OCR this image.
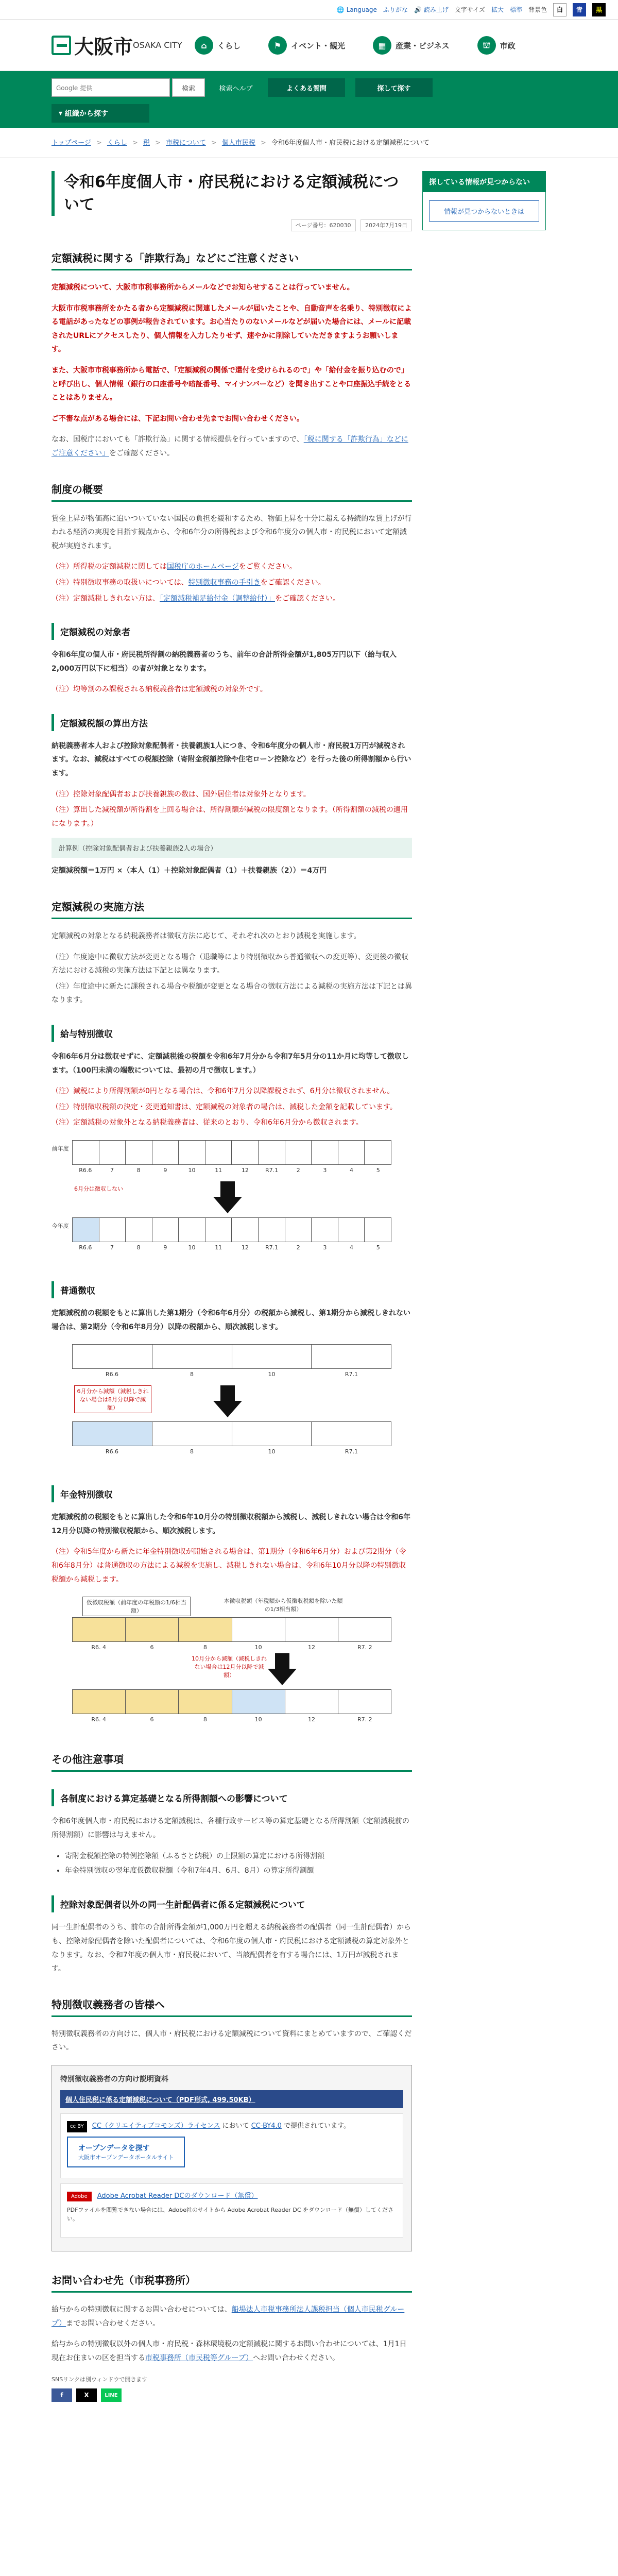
🌐 Language ふりがな 🔊 読み上げ 文字サイズ 拡大 標準 背景色	白	青	黒
大阪市 OSAKA CITY	⌂	くらし	⚑	イベント・観光	▦	産業・ビジネス	⛫	市政
Google 提供	検索	検索ヘルプ	よくある質問	探して探す
▾ 組織から探す
トップページ > くらし > 税 > 市税について > 個人市民税 > 令和6年度個人市・府民税における定額減税について
令和6年度個人市・府民税における定額減税について
ページ番号：620030	2024年7月19日
定額減税に関する「詐欺行為」などにご注意ください

定額減税について、大阪市市税事務所からメールなどでお知らせすることは行っていません。

大阪市市税事務所をかたる者から定額減税に関連したメールが届いたことや、自動音声を名乗り、特別徴収による電話があったなどの事例が報告されています。お心当たりのないメールなどが届いた場合には、メールに記載されたURLにアクセスしたり、個人情報を入力したりせず、速やかに削除していただきますようお願いします。

また、大阪市市税事務所から電話で、「定額減税の関係で還付を受けられるので」や「給付金を振り込むので」と呼び出し、個人情報（銀行の口座番号や暗証番号、マイナンバーなど）を聞き出すことや口座振込手続をとることはありません。

ご不審な点がある場合には、下記お問い合わせ先までお問い合わせください。

なお、国税庁においても「詐欺行為」に関する情報提供を行っていますので、「税に関する「詐欺行為」などにご注意ください」をご確認ください。

制度の概要

賃金上昇が物価高に追いついていない国民の負担を緩和するため、物価上昇を十分に超える持続的な賃上げが行われる経済の実現を目指す観点から、令和6年分の所得税および令和6年度分の個人市・府民税において定額減税が実施されます。

（注）所得税の定額減税に関しては国税庁のホームページをご覧ください。

（注）特別徴収事務の取扱いについては、特別徴収事務の手引きをご確認ください。

（注）定額減税しきれない方は、「定額減税補足給付金（調整給付）」をご確認ください。

定額減税の対象者

令和6年度の個人市・府民税所得割の納税義務者のうち、前年の合計所得金額が1,805万円以下（給与収入2,000万円以下に相当）の者が対象となります。

（注）均等割のみ課税される納税義務者は定額減税の対象外です。

定額減税額の算出方法

納税義務者本人および控除対象配偶者・扶養親族1人につき、令和6年度分の個人市・府民税1万円が減税されます。なお、減税はすべての税額控除（寄附金税額控除や住宅ローン控除など）を行った後の所得割額から行います。

（注）控除対象配偶者および扶養親族の数は、国外居住者は対象外となります。

（注）算出した減税額が所得割を上回る場合は、所得割額が減税の限度額となります。（所得割額の減税の適用になります。）

計算例（控除対象配偶者および扶養親族2人の場合）

定額減税額＝1万円 ×（本人（1）＋控除対象配偶者（1）＋扶養親族（2））＝4万円

定額減税の実施方法

定額減税の対象となる納税義務者は徴収方法に応じて、それぞれ次のとおり減税を実施します。

（注）年度途中に徴収方法が変更となる場合（退職等により特別徴収から普通徴収への変更等）、変更後の徴収方法における減税の実施方法は下記とは異なります。

（注）年度途中に新たに課税される場合や税額が変更となる場合の徴収方法による減税の実施方法は下記とは異なります。

給与特別徴収

令和6年6月分は徴収せずに、定額減税後の税額を令和6年7月分から令和7年5月分の11か月に均等して徴収します。（100円未満の端数については、最初の月で徴収します。）

（注）減税により所得割額が0円となる場合は、令和6年7月分以降課税されず、6月分は徴収されません。

（注）特別徴収税額の決定・変更通知書は、定額減税の対象者の場合は、減税した金額を記載しています。

（注）定額減税の対象外となる納税義務者は、従来のとおり、令和6年6月分から徴収されます。

前年度
R6.6	7	8	9	10	11	12	R7.1	2	3	4	5
6月分は徴収しない
今年度
R6.6	7	8	9	10	11	12	R7.1	2	3	4	5
普通徴収

定額減税前の税額をもとに算出した第1期分（令和6年6月分）の税額から減税し、第1期分から減税しきれない場合は、第2期分（令和6年8月分）以降の税額から、順次減税します。

R6.6	8	10	R7.1
6月分から減額（減税しきれない場合は8月分以降で減額）
R6.6	8	10	R7.1
年金特別徴収

定額減税前の税額をもとに算出した令和6年10月分の特別徴収税額から減税し、減税しきれない場合は令和6年12月分以降の特別徴収税額から、順次減税します。

（注）令和5年度から新たに年金特別徴収が開始される場合は、第1期分（令和6年6月分）および第2期分（令和6年8月分）は普通徴収の方法による減税を実施し、減税しきれない場合は、令和6年10月分以降の特別徴収税額から減税します。

仮徴収税額（前年度の年税額の1/6相当額）
本徴収税額（年税額から仮徴収税額を除いた額の1/3相当額）
R6. 4	6	8	10	12	R7. 2
10月分から減額（減税しきれない場合は12月分以降で減額）
R6. 4	6	8	10	12	R7. 2
その他注意事項
各制度における算定基礎となる所得割額への影響について

令和6年度個人市・府民税における定額減税は、各種行政サービス等の算定基礎となる所得割額（定額減税前の所得割額）に影響は与えません。

• 寄附金税額控除の特例控除額（ふるさと納税）の上限額の算定における所得割額
• 年金特別徴収の翌年度仮徴収税額（令和7年4月、6月、8月）の算定所得割額
控除対象配偶者以外の同一生計配偶者に係る定額減税について

同一生計配偶者のうち、前年の合計所得金額が1,000万円を超える納税義務者の配偶者（同一生計配偶者）からも、控除対象配偶者を除いた配偶者については、令和6年度の個人市・府民税における定額減税の算定対象外となります。なお、令和7年度の個人市・府民税において、当該配偶者を有する場合には、1万円が減税されます。

特別徴収義務者の皆様へ

特別徴収義務者の方向けに、個人市・府民税における定額減税について資料にまとめていますので、ご確認ください。

特別徴収義務者の方向け説明資料
個人住民税に係る定額減税について（PDF形式, 499.50KB）
cc BY CC（クリエイティブコモンズ）ライセンス において CC-BY4.0 で提供されています。
オープンデータを探す
大阪市オープンデータポータルサイト
Adobe Adobe Acrobat Reader DCのダウンロード（無償）

PDFファイルを閲覧できない場合には、Adobe社のサイトから Adobe Acrobat Reader DC をダウンロード（無償）してください。

お問い合わせ先（市税事務所）

給与からの特別徴収に関するお問い合わせについては、船場法人市税事務所法人課税担当（個人市民税グループ）までお問い合わせください。

給与からの特別徴収以外の個人市・府民税・森林環境税の定額減税に関するお問い合わせについては、1月1日現在お住まいの区を担当する市税事務所（市民税等グループ）へお問い合わせください。

SNSリンクは別ウィンドウで開きます
f	X	LINE
探している情報が見つからない
情報が見つからないときは
